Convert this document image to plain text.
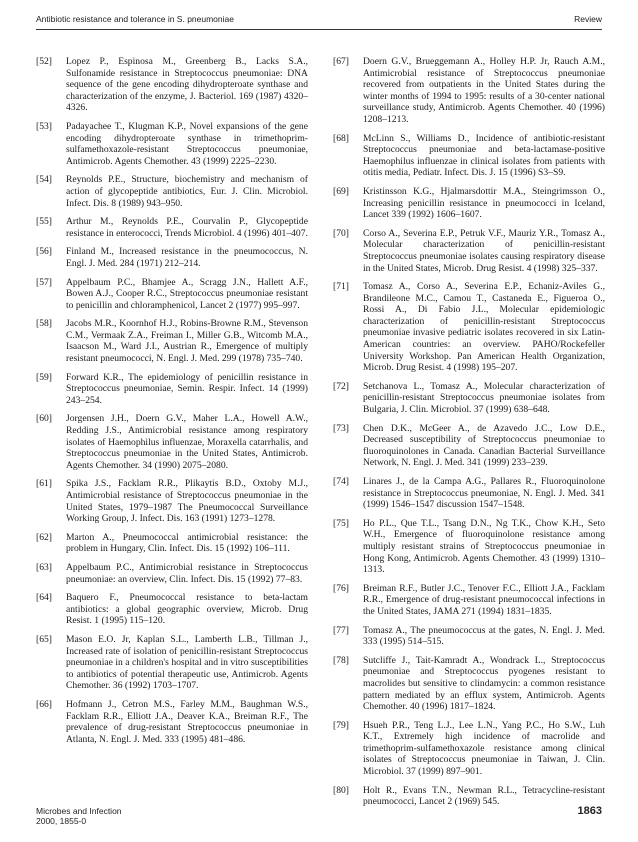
Antibiotic resistance and tolerance in S. pneumoniae	Review
[52] Lopez P., Espinosa M., Greenberg B., Lacks S.A., Sulfonamide resistance in Streptococcus pneumoniae: DNA sequence of the gene encoding dihydropteroate synthase and characterization of the enzyme, J. Bacteriol. 169 (1987) 4320–4326.
[53] Padayachee T., Klugman K.P., Novel expansions of the gene encoding dihydropteroate synthase in trimethoprim-sulfamethoxazole-resistant Streptococcus pneumoniae, Antimicrob. Agents Chemother. 43 (1999) 2225–2230.
[54] Reynolds P.E., Structure, biochemistry and mechanism of action of glycopeptide antibiotics, Eur. J. Clin. Microbiol. Infect. Dis. 8 (1989) 943–950.
[55] Arthur M., Reynolds P.E., Courvalin P., Glycopeptide resistance in enterococci, Trends Microbiol. 4 (1996) 401–407.
[56] Finland M., Increased resistance in the pneumococcus, N. Engl. J. Med. 284 (1971) 212–214.
[57] Appelbaum P.C., Bhamjee A., Scragg J.N., Hallett A.F., Bowen A.J., Cooper R.C., Streptococcus pneumoniae resistant to penicillin and chloramphenicol, Lancet 2 (1977) 995–997.
[58] Jacobs M.R., Koornhof H.J., Robins-Browne R.M., Stevenson C.M., Vermaak Z.A., Freiman I., Miller G.B., Witcomb M.A., Isaacson M., Ward J.I., Austrian R., Emergence of multiply resistant pneumococci, N. Engl. J. Med. 299 (1978) 735–740.
[59] Forward K.R., The epidemiology of penicillin resistance in Streptococcus pneumoniae, Semin. Respir. Infect. 14 (1999) 243–254.
[60] Jorgensen J.H., Doern G.V., Maher L.A., Howell A.W., Redding J.S., Antimicrobial resistance among respiratory isolates of Haemophilus influenzae, Moraxella catarrhalis, and Streptococcus pneumoniae in the United States, Antimicrob. Agents Chemother. 34 (1990) 2075–2080.
[61] Spika J.S., Facklam R.R., Plikaytis B.D., Oxtoby M.J., Antimicrobial resistance of Streptococcus pneumoniae in the United States, 1979–1987 The Pneumococcal Surveillance Working Group, J. Infect. Dis. 163 (1991) 1273–1278.
[62] Marton A., Pneumococcal antimicrobial resistance: the problem in Hungary, Clin. Infect. Dis. 15 (1992) 106–111.
[63] Appelbaum P.C., Antimicrobial resistance in Streptococcus pneumoniae: an overview, Clin. Infect. Dis. 15 (1992) 77–83.
[64] Baquero F., Pneumococcal resistance to beta-lactam antibiotics: a global geographic overview, Microb. Drug Resist. 1 (1995) 115–120.
[65] Mason E.O. Jr, Kaplan S.L., Lamberth L.B., Tillman J., Increased rate of isolation of penicillin-resistant Streptococcus pneumoniae in a children's hospital and in vitro susceptibilities to antibiotics of potential therapeutic use, Antimicrob. Agents Chemother. 36 (1992) 1703–1707.
[66] Hofmann J., Cetron M.S., Farley M.M., Baughman W.S., Facklam R.R., Elliott J.A., Deaver K.A., Breiman R.F., The prevalence of drug-resistant Streptococcus pneumoniae in Atlanta, N. Engl. J. Med. 333 (1995) 481–486.
[67] Doern G.V., Brueggemann A., Holley H.P. Jr, Rauch A.M., Antimicrobial resistance of Streptococcus pneumoniae recovered from outpatients in the United States during the winter months of 1994 to 1995: results of a 30-center national surveillance study, Antimicrob. Agents Chemother. 40 (1996) 1208–1213.
[68] McLinn S., Williams D., Incidence of antibiotic-resistant Streptococcus pneumoniae and beta-lactamase-positive Haemophilus influenzae in clinical isolates from patients with otitis media, Pediatr. Infect. Dis. J. 15 (1996) S3–S9.
[69] Kristinsson K.G., Hjalmarsdottir M.A., Steingrimsson O., Increasing penicillin resistance in pneumococci in Iceland, Lancet 339 (1992) 1606–1607.
[70] Corso A., Severina E.P., Petruk V.F., Mauriz Y.R., Tomasz A., Molecular characterization of penicillin-resistant Streptococcus pneumoniae isolates causing respiratory disease in the United States, Microb. Drug Resist. 4 (1998) 325–337.
[71] Tomasz A., Corso A., Severina E.P., Echaniz-Aviles G., Brandileone M.C., Camou T., Castaneda E., Figueroa O., Rossi A., Di Fabio J.L., Molecular epidemiologic characterization of penicillin-resistant Streptococcus pneumoniae invasive pediatric isolates recovered in six Latin-American countries: an overview. PAHO/Rockefeller University Workshop. Pan American Health Organization, Microb. Drug Resist. 4 (1998) 195–207.
[72] Setchanova L., Tomasz A., Molecular characterization of penicillin-resistant Streptococcus pneumoniae isolates from Bulgaria, J. Clin. Microbiol. 37 (1999) 638–648.
[73] Chen D.K., McGeer A., de Azavedo J.C., Low D.E., Decreased susceptibility of Streptococcus pneumoniae to fluoroquinolones in Canada. Canadian Bacterial Surveillance Network, N. Engl. J. Med. 341 (1999) 233–239.
[74] Linares J., de la Campa A.G., Pallares R., Fluoroquinolone resistance in Streptococcus pneumoniae, N. Engl. J. Med. 341 (1999) 1546–1547 discussion 1547–1548.
[75] Ho P.L., Que T.L., Tsang D.N., Ng T.K., Chow K.H., Seto W.H., Emergence of fluoroquinolone resistance among multiply resistant strains of Streptococcus pneumoniae in Hong Kong, Antimicrob. Agents Chemother. 43 (1999) 1310–1313.
[76] Breiman R.F., Butler J.C., Tenover F.C., Elliott J.A., Facklam R.R., Emergence of drug-resistant pneumococcal infections in the United States, JAMA 271 (1994) 1831–1835.
[77] Tomasz A., The pneumococcus at the gates, N. Engl. J. Med. 333 (1995) 514–515.
[78] Sutcliffe J., Tait-Kamradt A., Wondrack L., Streptococcus pneumoniae and Streptococcus pyogenes resistant to macrolides but sensitive to clindamycin: a common resistance pattern mediated by an efflux system, Antimicrob. Agents Chemother. 40 (1996) 1817–1824.
[79] Hsueh P.R., Teng L.J., Lee L.N., Yang P.C., Ho S.W., Luh K.T., Extremely high incidence of macrolide and trimethoprim-sulfamethoxazole resistance among clinical isolates of Streptococcus pneumoniae in Taiwan, J. Clin. Microbiol. 37 (1999) 897–901.
[80] Holt R., Evans T.N., Newman R.L., Tetracycline-resistant pneumococci, Lancet 2 (1969) 545.
Microbes and Infection
2000, 1855-0
1863
